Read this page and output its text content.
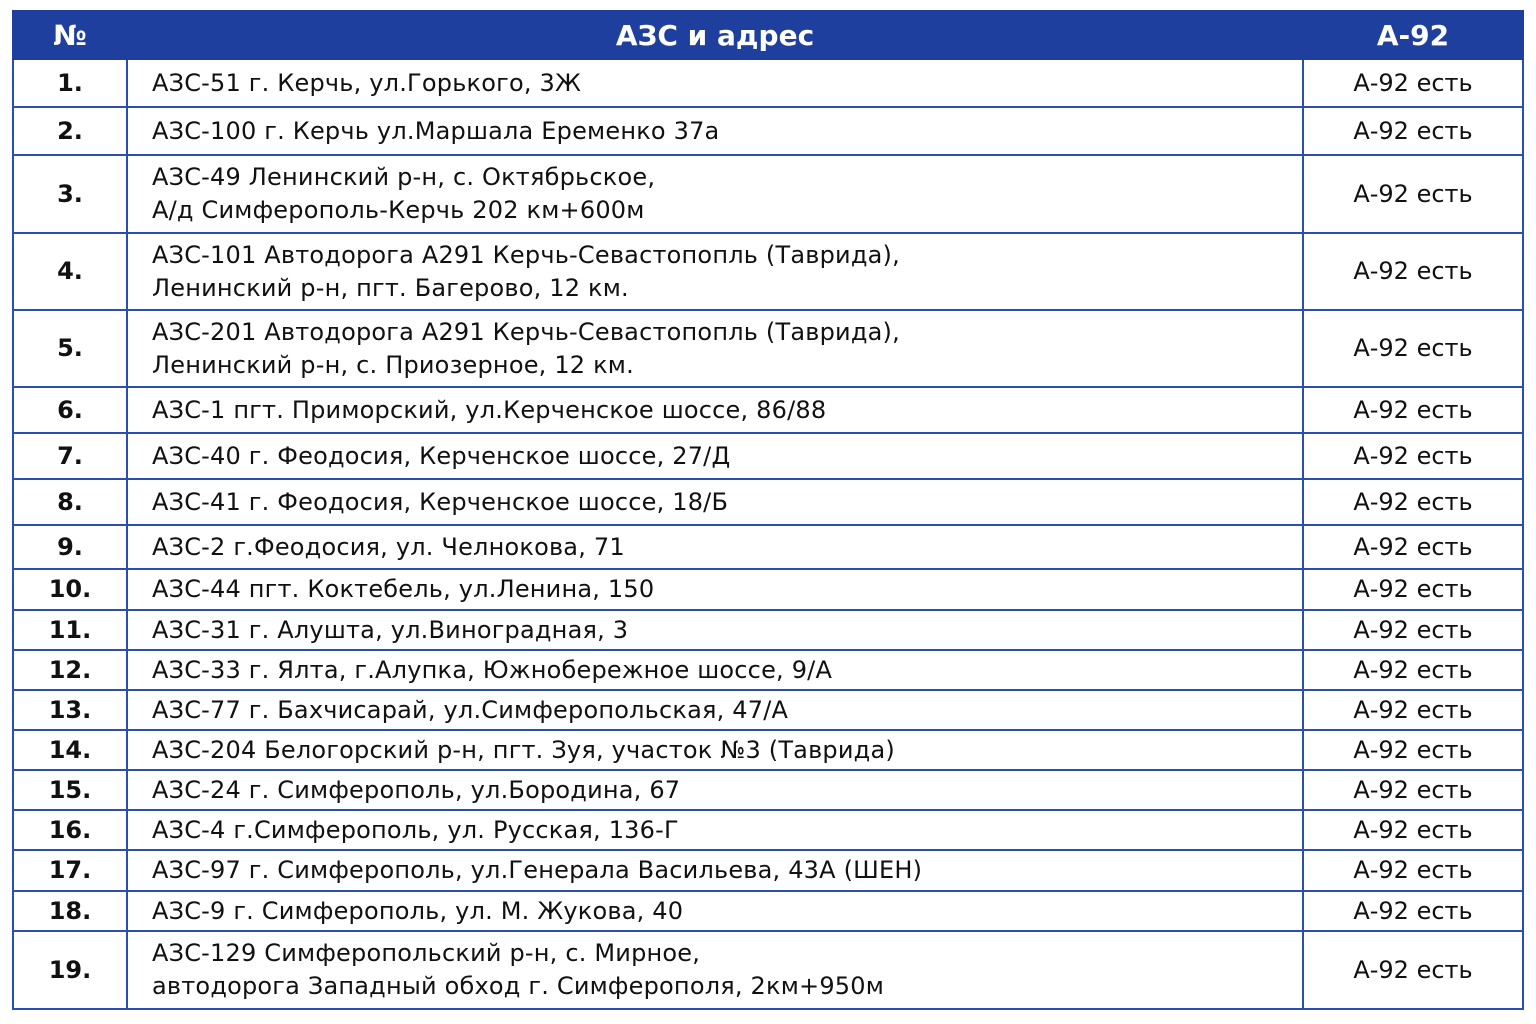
№	АЗС и адрес	А-92
1.	АЗС-51 г. Керчь, ул.Горького, 3Ж	А-92 есть
2.	АЗС-100 г. Керчь ул.Маршала Еременко 37а	А-92 есть
3.	АЗС-49 Ленинский р-н, с. Октябрьское,
А/д Симферополь-Керчь 202 км+600м	А-92 есть
4.	АЗС-101 Автодорога А291 Керчь-Севастопопль (Таврида),
Ленинский р-н, пгт. Багерово, 12 км.	А-92 есть
5.	АЗС-201 Автодорога А291 Керчь-Севастопопль (Таврида),
Ленинский р-н, с. Приозерное, 12 км.	А-92 есть
6.	АЗС-1 пгт. Приморский, ул.Керченское шоссе, 86/88	А-92 есть
7.	АЗС-40 г. Феодосия, Керченское шоссе, 27/Д	А-92 есть
8.	АЗС-41 г. Феодосия, Керченское шоссе, 18/Б	А-92 есть
9.	АЗС-2 г.Феодосия, ул. Челнокова, 71	А-92 есть
10.	АЗС-44 пгт. Коктебель, ул.Ленина, 150	А-92 есть
11.	АЗС-31 г. Алушта, ул.Виноградная, 3	А-92 есть
12.	АЗС-33 г. Ялта, г.Алупка, Южнобережное шоссе, 9/А	А-92 есть
13.	АЗС-77 г. Бахчисарай, ул.Симферопольская, 47/А	А-92 есть
14.	АЗС-204 Белогорский р-н, пгт. Зуя, участок №3 (Таврида)	А-92 есть
15.	АЗС-24 г. Симферополь, ул.Бородина, 67	А-92 есть
16.	АЗС-4 г.Симферополь, ул. Русская, 136-Г	А-92 есть
17.	АЗС-97 г. Симферополь, ул.Генерала Васильева, 43А (ШЕН)	А-92 есть
18.	АЗС-9 г. Симферополь, ул. М. Жукова, 40	А-92 есть
19.	АЗС-129 Симферопольский р-н, с. Мирное,
автодорога Западный обход г. Симферополя, 2км+950м	А-92 есть
